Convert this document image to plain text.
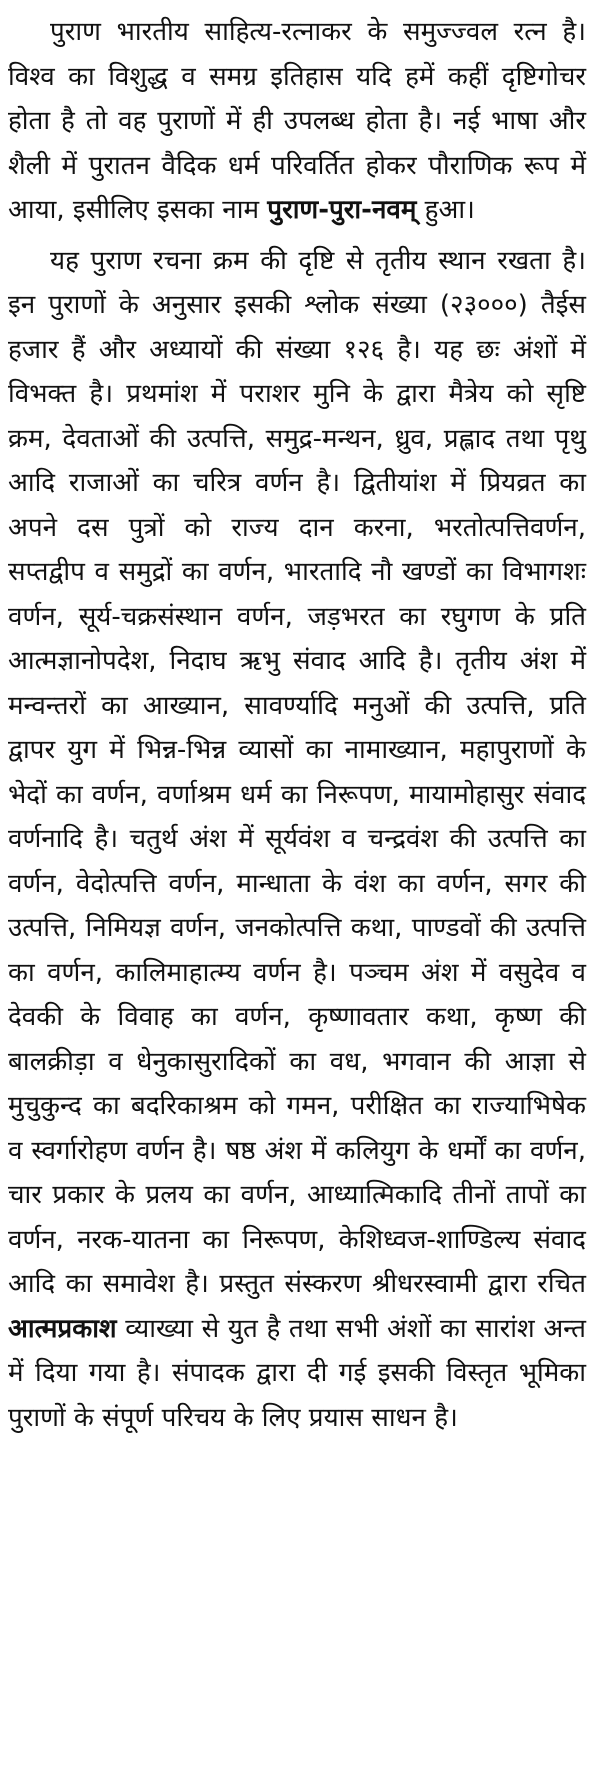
पुराण भारतीय साहित्य-रत्नाकर के समुज्ज्वल रत्न है। विश्व का विशुद्ध व समग्र इतिहास यदि हमें कहीं दृष्टिगोचर होता है तो वह पुराणों में ही उपलब्ध होता है। नई भाषा और शैली में पुरातन वैदिक धर्म परिवर्तित होकर पौराणिक रूप में आया, इसीलिए इसका नाम पुराण-पुरा-नवम् हुआ।

यह पुराण रचना क्रम की दृष्टि से तृतीय स्थान रखता है। इन पुराणों के अनुसार इसकी श्लोक संख्या (२३०००) तैईस हजार हैं और अध्यायों की संख्या १२६ है। यह छः अंशों में विभक्त है। प्रथमांश में पराशर मुनि के द्वारा मैत्रेय को सृष्टि क्रम, देवताओं की उत्पत्ति, समुद्र-मन्थन, ध्रुव, प्रह्लाद तथा पृथु आदि राजाओं का चरित्र वर्णन है। द्वितीयांश में प्रियव्रत का अपने दस पुत्रों को राज्य दान करना, भरतोत्पत्तिवर्णन, सप्तद्वीप व समुद्रों का वर्णन, भारतादि नौ खण्डों का विभागशः वर्णन, सूर्य-चक्रसंस्थान वर्णन, जड़भरत का रघुगण के प्रति आत्मज्ञानोपदेश, निदाघ ऋभु संवाद आदि है। तृतीय अंश में मन्वन्तरों का आख्यान, सावर्ण्यादि मनुओं की उत्पत्ति, प्रति द्वापर युग में भिन्न-भिन्न व्यासों का नामाख्यान, महापुराणों के भेदों का वर्णन, वर्णाश्रम धर्म का निरूपण, मायामोहासुर संवाद वर्णनादि है। चतुर्थ अंश में सूर्यवंश व चन्द्रवंश की उत्पत्ति का वर्णन, वेदोत्पत्ति वर्णन, मान्धाता के वंश का वर्णन, सगर की उत्पत्ति, निमियज्ञ वर्णन, जनकोत्पत्ति कथा, पाण्डवों की उत्पत्ति का वर्णन, कालिमाहात्म्य वर्णन है। पञ्चम अंश में वसुदेव व देवकी के विवाह का वर्णन, कृष्णावतार कथा, कृष्ण की बालक्रीड़ा व धेनुकासुरादिकों का वध, भगवान की आज्ञा से मुचुकुन्द का बदरिकाश्रम को गमन, परीक्षित का राज्याभिषेक व स्वर्गारोहण वर्णन है। षष्ठ अंश में कलियुग के धर्मों का वर्णन, चार प्रकार के प्रलय का वर्णन, आध्यात्मिकादि तीनों तापों का वर्णन, नरक-यातना का निरूपण, केशिध्वज-शाण्डिल्य संवाद आदि का समावेश है। प्रस्तुत संस्करण श्रीधरस्वामी द्वारा रचित आत्मप्रकाश व्याख्या से युत है तथा सभी अंशों का सारांश अन्त में दिया गया है। संपादक द्वारा दी गई इसकी विस्तृत भूमिका पुराणों के संपूर्ण परिचय के लिए प्रयास साधन है।
